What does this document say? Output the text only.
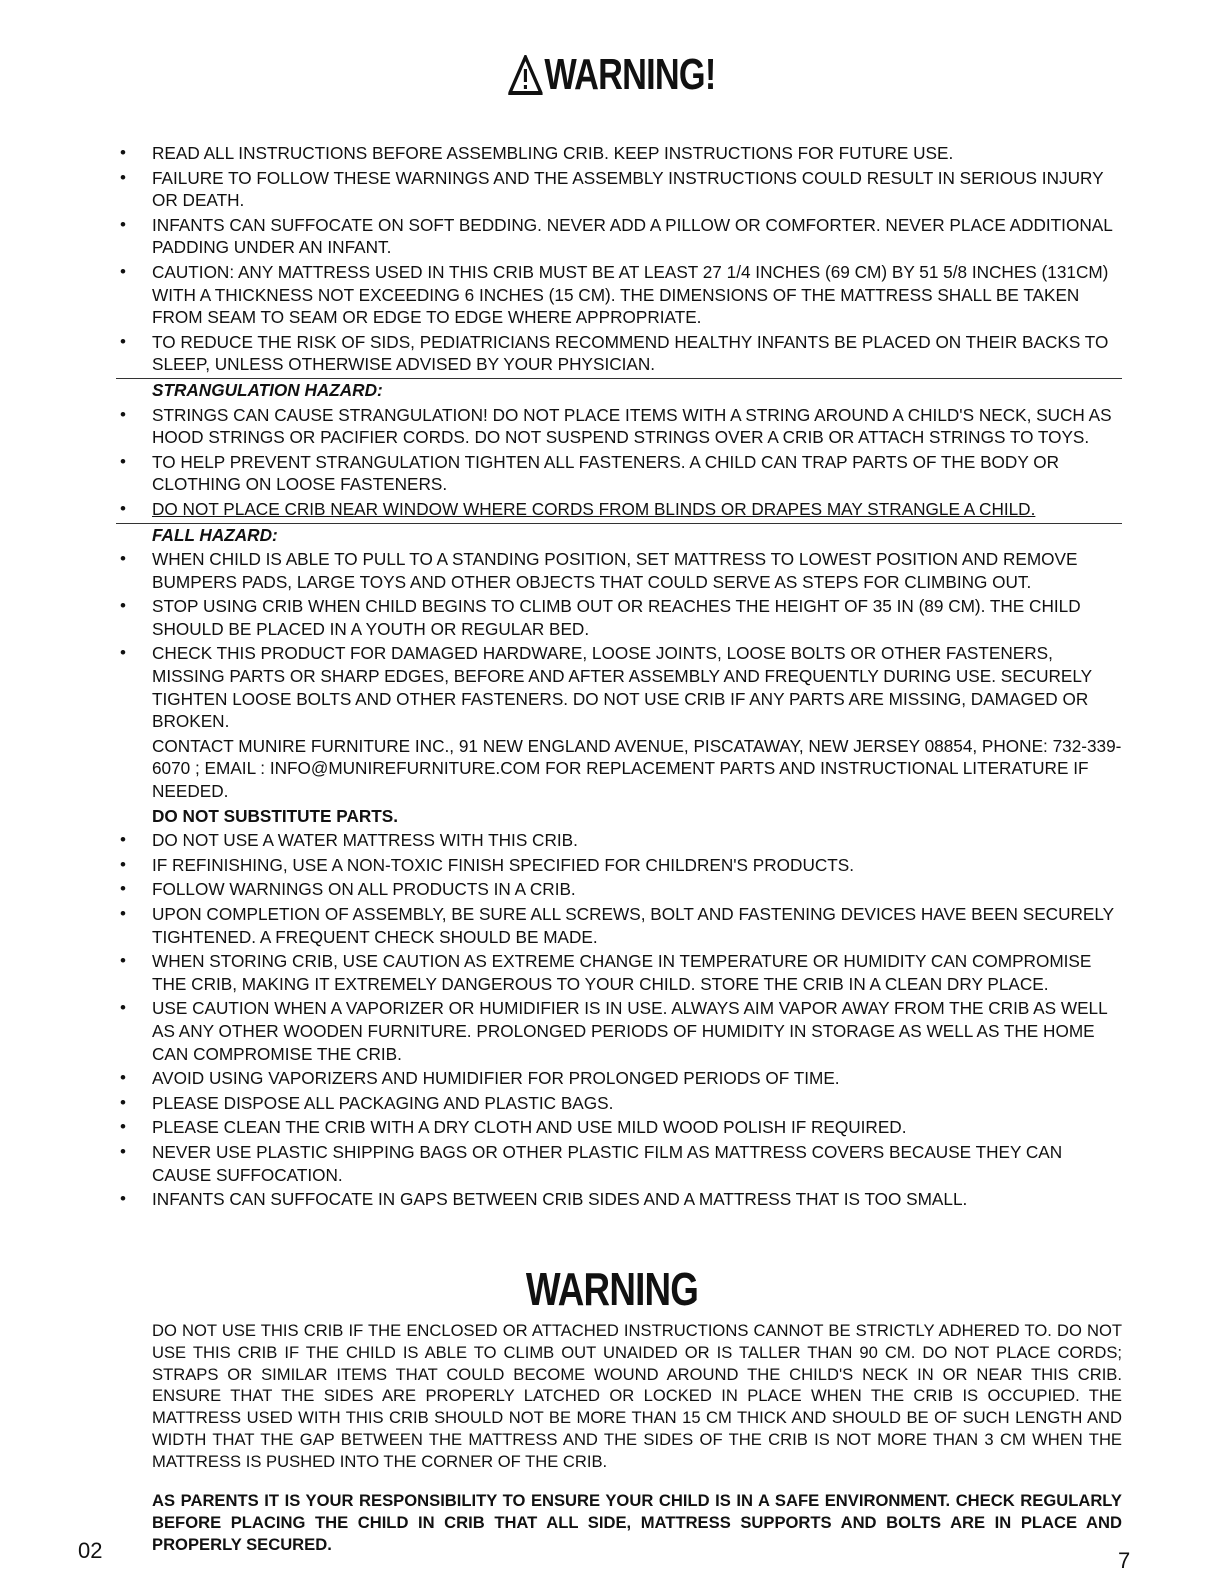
WARNING!
• READ ALL INSTRUCTIONS BEFORE ASSEMBLING CRIB. KEEP INSTRUCTIONS FOR FUTURE USE.
• FAILURE TO FOLLOW THESE WARNINGS AND THE ASSEMBLY INSTRUCTIONS COULD RESULT IN SERIOUS INJURY OR DEATH.
• INFANTS CAN SUFFOCATE ON SOFT BEDDING. NEVER ADD A PILLOW OR COMFORTER. NEVER PLACE ADDITIONAL PADDING UNDER AN INFANT.
• CAUTION: ANY MATTRESS USED IN THIS CRIB MUST BE AT LEAST 27 1/4 INCHES (69 CM) BY 51 5/8 INCHES (131CM) WITH A THICKNESS NOT EXCEEDING 6 INCHES (15 CM). THE DIMENSIONS OF THE MATTRESS SHALL BE TAKEN FROM SEAM TO SEAM OR EDGE TO EDGE WHERE APPROPRIATE.
• TO REDUCE THE RISK OF SIDS, PEDIATRICIANS RECOMMEND HEALTHY INFANTS BE PLACED ON THEIR BACKS TO SLEEP, UNLESS OTHERWISE ADVISED BY YOUR PHYSICIAN.
STRANGULATION HAZARD:
• STRINGS CAN CAUSE STRANGULATION! DO NOT PLACE ITEMS WITH A STRING AROUND A CHILD'S NECK, SUCH AS HOOD STRINGS OR PACIFIER CORDS. DO NOT SUSPEND STRINGS OVER A CRIB OR ATTACH STRINGS TO TOYS.
• TO HELP PREVENT STRANGULATION TIGHTEN ALL FASTENERS. A CHILD CAN TRAP PARTS OF THE BODY OR CLOTHING ON LOOSE FASTENERS.
• DO NOT PLACE CRIB NEAR WINDOW WHERE CORDS FROM BLINDS OR DRAPES MAY STRANGLE A CHILD.
FALL HAZARD:
• WHEN CHILD IS ABLE TO PULL TO A STANDING POSITION, SET MATTRESS TO LOWEST POSITION AND REMOVE BUMPERS PADS, LARGE TOYS AND OTHER OBJECTS THAT COULD SERVE AS STEPS FOR CLIMBING OUT.
• STOP USING CRIB WHEN CHILD BEGINS TO CLIMB OUT OR REACHES THE HEIGHT OF 35 IN (89 CM). THE CHILD SHOULD BE PLACED IN A YOUTH OR REGULAR BED.
• CHECK THIS PRODUCT FOR DAMAGED HARDWARE, LOOSE JOINTS, LOOSE BOLTS OR OTHER FASTENERS, MISSING PARTS OR SHARP EDGES, BEFORE AND AFTER ASSEMBLY AND FREQUENTLY DURING USE. SECURELY TIGHTEN LOOSE BOLTS AND OTHER FASTENERS. DO NOT USE CRIB IF ANY PARTS ARE MISSING, DAMAGED OR BROKEN.
CONTACT MUNIRE FURNITURE INC., 91 NEW ENGLAND AVENUE, PISCATAWAY, NEW JERSEY 08854, PHONE: 732-339-6070 ; EMAIL : INFO@MUNIREFURNITURE.COM FOR REPLACEMENT PARTS AND INSTRUCTIONAL LITERATURE IF NEEDED.
DO NOT SUBSTITUTE PARTS.
• DO NOT USE A WATER MATTRESS WITH THIS CRIB.
• IF REFINISHING, USE A NON-TOXIC FINISH SPECIFIED FOR CHILDREN'S PRODUCTS.
• FOLLOW WARNINGS ON ALL PRODUCTS IN A CRIB.
• UPON COMPLETION OF ASSEMBLY, BE SURE ALL SCREWS, BOLT AND FASTENING DEVICES HAVE BEEN SECURELY TIGHTENED. A FREQUENT CHECK SHOULD BE MADE.
• WHEN STORING CRIB, USE CAUTION AS EXTREME CHANGE IN TEMPERATURE OR HUMIDITY CAN COMPROMISE THE CRIB, MAKING IT EXTREMELY DANGEROUS TO YOUR CHILD. STORE THE CRIB IN A CLEAN DRY PLACE.
• USE CAUTION WHEN A VAPORIZER OR HUMIDIFIER IS IN USE. ALWAYS AIM VAPOR AWAY FROM THE CRIB AS WELL AS ANY OTHER WOODEN FURNITURE. PROLONGED PERIODS OF HUMIDITY IN STORAGE AS WELL AS THE HOME CAN COMPROMISE THE CRIB.
• AVOID USING VAPORIZERS AND HUMIDIFIER FOR PROLONGED PERIODS OF TIME.
• PLEASE DISPOSE ALL PACKAGING AND PLASTIC BAGS.
• PLEASE CLEAN THE CRIB WITH A DRY CLOTH AND USE MILD WOOD POLISH IF REQUIRED.
• NEVER USE PLASTIC SHIPPING BAGS OR OTHER PLASTIC FILM AS MATTRESS COVERS BECAUSE THEY CAN CAUSE SUFFOCATION.
• INFANTS CAN SUFFOCATE IN GAPS BETWEEN CRIB SIDES AND A MATTRESS THAT IS TOO SMALL.
WARNING
DO NOT USE THIS CRIB IF THE ENCLOSED OR ATTACHED INSTRUCTIONS CANNOT BE STRICTLY ADHERED TO. DO NOT USE THIS CRIB IF THE CHILD IS ABLE TO CLIMB OUT UNAIDED OR IS TALLER THAN 90 CM. DO NOT PLACE CORDS; STRAPS OR SIMILAR ITEMS THAT COULD BECOME WOUND AROUND THE CHILD'S NECK IN OR NEAR THIS CRIB. ENSURE THAT THE SIDES ARE PROPERLY LATCHED OR LOCKED IN PLACE WHEN THE CRIB IS OCCUPIED. THE MATTRESS USED WITH THIS CRIB SHOULD NOT BE MORE THAN 15 CM THICK AND SHOULD BE OF SUCH LENGTH AND WIDTH THAT THE GAP BETWEEN THE MATTRESS AND THE SIDES OF THE CRIB IS NOT MORE THAN 3 CM WHEN THE MATTRESS IS PUSHED INTO THE CORNER OF THE CRIB.
AS PARENTS IT IS YOUR RESPONSIBILITY TO ENSURE YOUR CHILD IS IN A SAFE ENVIRONMENT. CHECK REGULARLY BEFORE PLACING THE CHILD IN CRIB THAT ALL SIDE, MATTRESS SUPPORTS AND BOLTS ARE IN PLACE AND PROPERLY SECURED.
02	7
